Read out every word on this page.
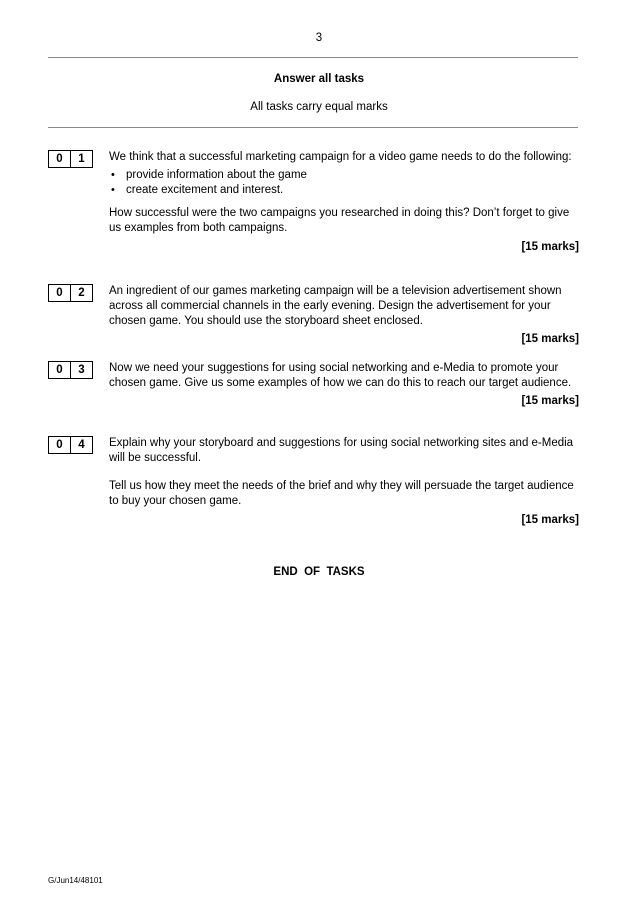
3
Answer all tasks
All tasks carry equal marks
0	1	We think that a successful marketing campaign for a video game needs to do the following:

• provide information about the game
• create excitement and interest.

How successful were the two campaigns you researched in doing this? Don’t forget to give us examples from both campaigns.

[15 marks]

0	2	An ingredient of our games marketing campaign will be a television advertisement shown across all commercial channels in the early evening. Design the advertisement for your chosen game. You should use the storyboard sheet enclosed.

[15 marks]

0	3	Now we need your suggestions for using social networking and e-Media to promote your chosen game. Give us some examples of how we can do this to reach our target audience.

[15 marks]

0	4	Explain why your storyboard and suggestions for using social networking sites and e-Media will be successful.

Tell us how they meet the needs of the brief and why they will persuade the target audience to buy your chosen game.

[15 marks]

END  OF  TASKS
G/Jun14/48101
